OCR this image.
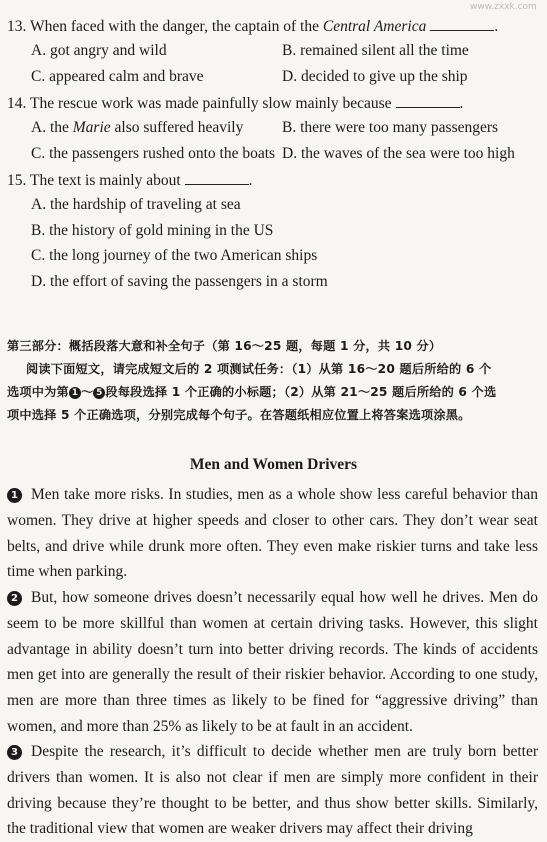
www.zxxk.com
13. When faced with the danger, the captain of the Central America	.
A. got angry and wild	B. remained silent all the time
C. appeared calm and brave	D. decided to give up the ship
14. The rescue work was made painfully slow mainly because	.
A. the Marie also suffered heavily B. there were too many passengers
C. the passengers rushed onto the boats D. the waves of the sea were too high
15. The text is mainly about	.
A. the hardship of traveling at sea
B. the history of gold mining in the US
C. the long journey of the two American ships
D. the effort of saving the passengers in a storm
第三部分：概括段落大意和补全句子（第 16～25 题，每题 1 分，共 10 分）
阅读下面短文，请完成短文后的 2 项测试任务：（1）从第 16～20 题后所给的 6 个
选项中为第 1 ～ 5 段每段选择 1 个正确的小标题；（2）从第 21～25 题后所给的 6 个选
项中选择 5 个正确选项，分别完成每个句子。在答题纸相应位置上将答案选项涂黑。
Men and Women Drivers
1 Men take more risks. In studies, men as a whole show less careful behavior than women. They drive at higher speeds and closer to other cars. They don’t wear seat belts, and drive while drunk more often. They even make riskier turns and take less time when parking.
2 But, how someone drives doesn’t necessarily equal how well he drives. Men do seem to be more skillful than women at certain driving tasks. However, this slight advantage in ability doesn’t turn into better driving records. The kinds of accidents men get into are generally the result of their riskier behavior. According to one study, men are more than three times as likely to be fined for “aggressive driving” than women, and more than 25% as likely to be at fault in an accident.
3 Despite the research, it’s difficult to decide whether men are truly born better drivers than women. It is also not clear if men are simply more confident in their driving because they’re thought to be better, and thus show better skills. Similarly, the traditional view that women are weaker drivers may affect their driving
